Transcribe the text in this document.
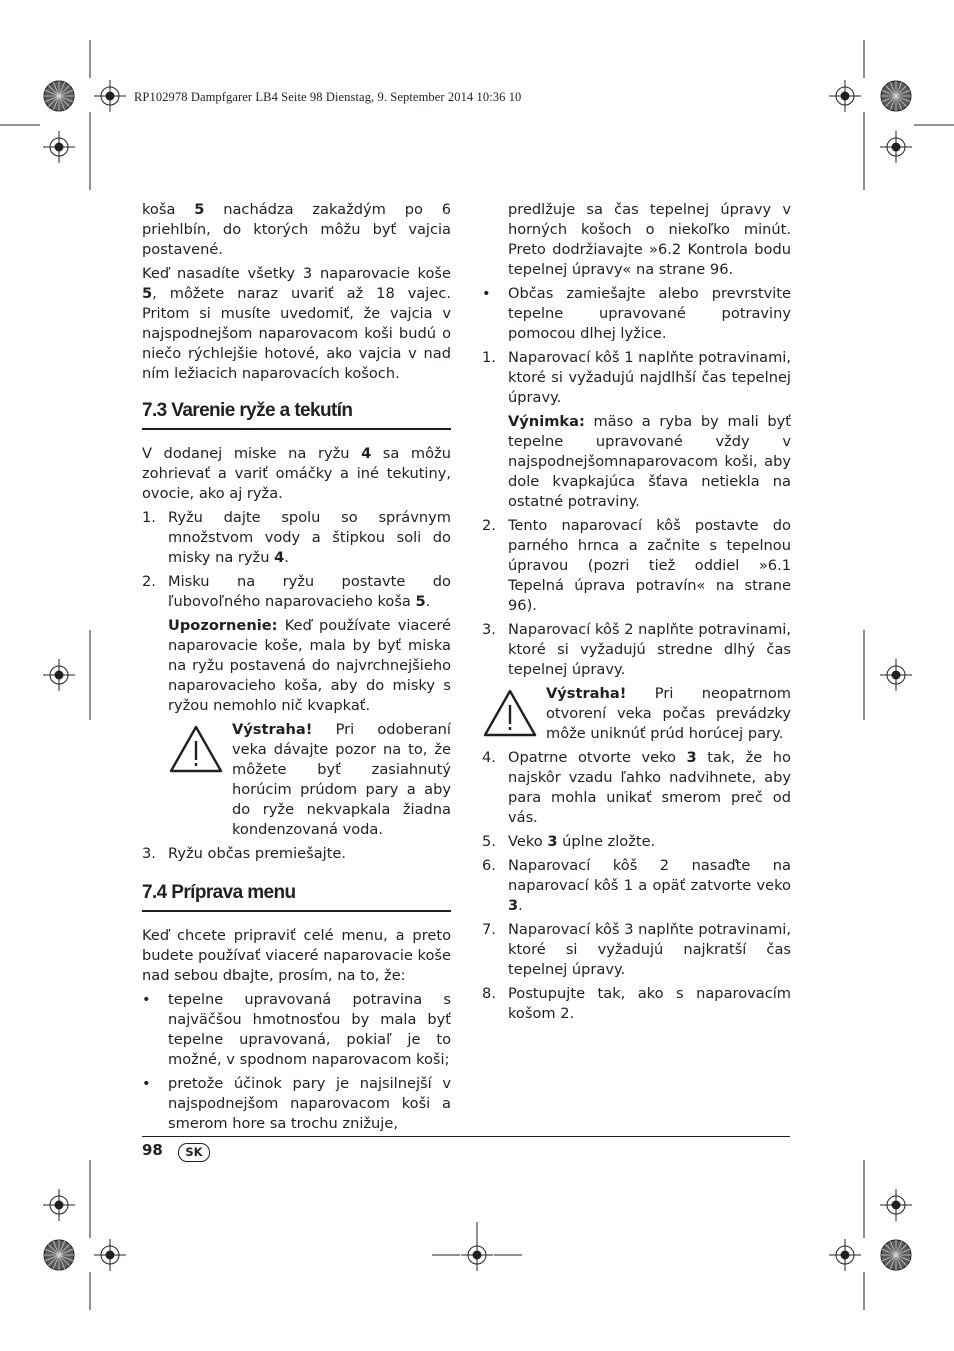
RP102978 Dampfgarer LB4 Seite 98 Dienstag, 9. September 2014 10:36 10

koša 5 nachádza zakaždým po 6 priehlbín, do ktorých môžu byť vajcia postavené.

Keď nasadíte všetky 3 naparovacie koše 5, môžete naraz uvariť až 18 vajec. Pritom si musíte uvedomiť, že vajcia v najspodnejšom naparovacom koši budú o niečo rýchlejšie hotové, ako vajcia v nad ním ležiacich naparovacích košoch.

7.3 Varenie ryže a tekutín

V dodanej miske na ryžu 4 sa môžu zohrievať a variť omáčky a iné tekutiny, ovocie, ako aj ryža.

1. Ryžu dajte spolu so správnym množstvom vody a štipkou soli do misky na ryžu 4.

2. Misku na ryžu postavte do ľubovoľného naparovacieho koša 5.

Upozornenie: Keď používate viaceré naparovacie koše, mala by byť miska na ryžu postavená do najvrchnejšieho naparovacieho koša, aby do misky s ryžou nemohlo nič kvapkať.

Výstraha! Pri odoberaní veka dávajte pozor na to, že môžete byť zasiahnutý horúcim prúdom pary a aby do ryže nekvapkala žiadna kondenzovaná voda.

3. Ryžu občas premiešajte.

7.4 Príprava menu

Keď chcete pripraviť celé menu, a preto budete používať viaceré naparovacie koše nad sebou dbajte, prosím, na to, že:

• tepelne upravovaná potravina s najväčšou hmotnosťou by mala byť tepelne upravovaná, pokiaľ je to možné, v spodnom naparovacom koši;

• pretože účinok pary je najsilnejší v najspodnejšom naparovacom koši a smerom hore sa trochu znižuje,

predlžuje sa čas tepelnej úpravy v horných košoch o niekoľko minút. Preto dodržiavajte »6.2 Kontrola bodu tepelnej úpravy« na strane 96.

• Občas zamiešajte alebo prevrstvite tepelne upravované potraviny pomocou dlhej lyžice.

1. Naparovací kôš 1 naplňte potravinami, ktoré si vyžadujú najdlhší čas tepelnej úpravy.

Výnimka: mäso a ryba by mali byť tepelne upravované vždy v najspodnejšomnaparovacom koši, aby dole kvapkajúca šťava netiekla na ostatné potraviny.

2. Tento naparovací kôš postavte do parného hrnca a začnite s tepelnou úpravou (pozri tiež oddiel »6.1 Tepelná úprava potravín« na strane 96).

3. Naparovací kôš 2 naplňte potravinami, ktoré si vyžadujú stredne dlhý čas tepelnej úpravy.

Výstraha! Pri neopatrnom otvorení veka počas prevádzky môže uniknúť prúd horúcej pary.

4. Opatrne otvorte veko 3 tak, že ho najskôr vzadu ľahko nadvihnete, aby para mohla unikať smerom preč od vás.

5. Veko 3 úplne zložte.

6. Naparovací kôš 2 nasaďte na naparovací kôš 1 a opäť zatvorte veko 3.

7. Naparovací kôš 3 naplňte potravinami, ktoré si vyžadujú najkratší čas tepelnej úpravy.

8. Postupujte tak, ako s naparovacím košom 2.

98	SK
